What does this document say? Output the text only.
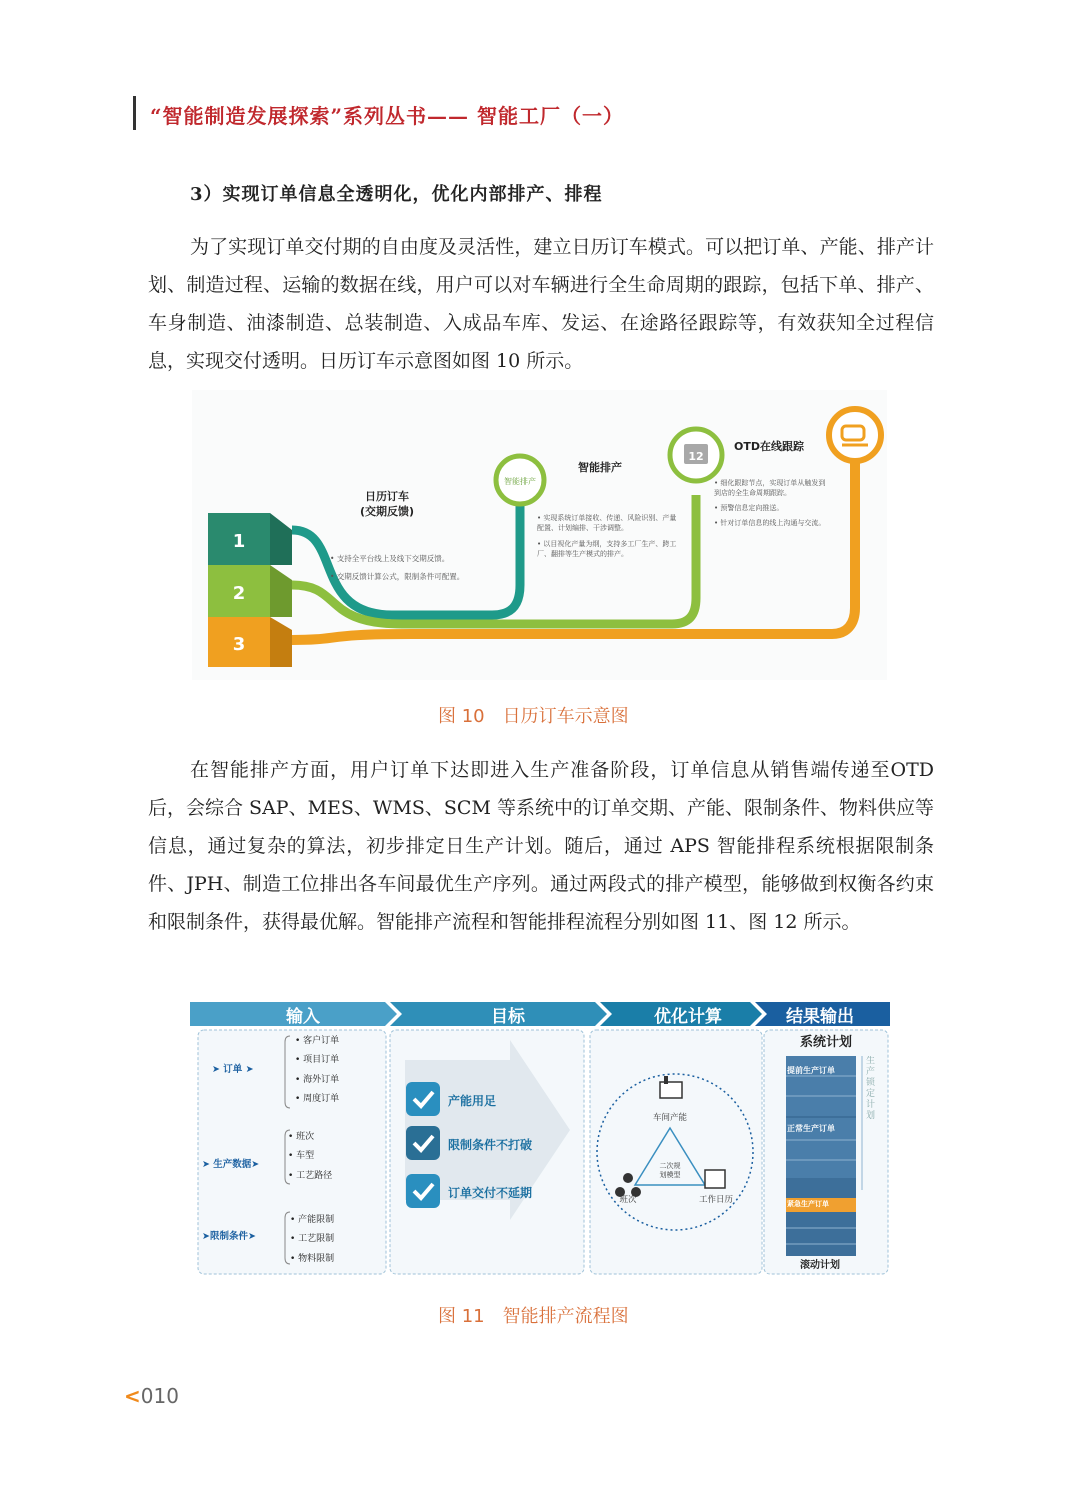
“智能制造发展探索”系列丛书—— 智能工厂（一）
3）实现订单信息全透明化，优化内部排产、排程
为了实现订单交付期的自由度及灵活性，建立日历订车模式。可以把订单、产能、排产计划、制造过程、运输的数据在线，用户可以对车辆进行全生命周期的跟踪，包括下单、排产、车身制造、油漆制造、总装制造、入成品车库、发运、在途路径跟踪等，有效获知全过程信息，实现交付透明。日历订车示意图如图 10 所示。
1
2
3
智能排产
12
日历订车
(交期反馈)
• 支持全平台线上及线下交期反馈。
• 交期反馈计算公式，限制条件可配置。
智能排产
• 实现系统订单接收、传递、风险识别、产量配置、计划编排、干涉调整。
• 以目视化产量为纲，支持多工厂生产、跨工厂、翻排等生产模式的排产。
OTD在线跟踪
• 细化跟踪节点，实现订单从触发到到店的全生命周期跟踪。
• 预警信息定向推送。
• 针对订单信息的线上沟通与交流。
图 10　日历订车示意图
在智能排产方面，用户订单下达即进入生产准备阶段，订单信息从销售端传递至OTD 后，会综合 SAP、MES、WMS、SCM 等系统中的订单交期、产能、限制条件、物料供应等信息，通过复杂的算法，初步排定日生产计划。随后，通过 APS 智能排程系统根据限制条件、JPH、制造工位排出各车间最优生产序列。通过两段式的排产模型，能够做到权衡各约束和限制条件，获得最优解。智能排产流程和智能排程流程分别如图 11、图 12 所示。
输入	目标	优化计算	结果输出
➤ 订单 ➤
• 客户订单
• 项目订单
• 海外订单
• 周度订单
➤ 生产数据➤
• 班次
• 车型
• 工艺路径
➤限制条件➤
• 产能限制
• 工艺限制
• 物料限制
产能用足
限制条件不打破
订单交付不延期
车间产能
二次规
划模型
班次	工作日历
系统计划
提前生产订单
正常生产订单
紧急生产订单
生产锁定计划
滚动计划
图 11　智能排产流程图
<010
